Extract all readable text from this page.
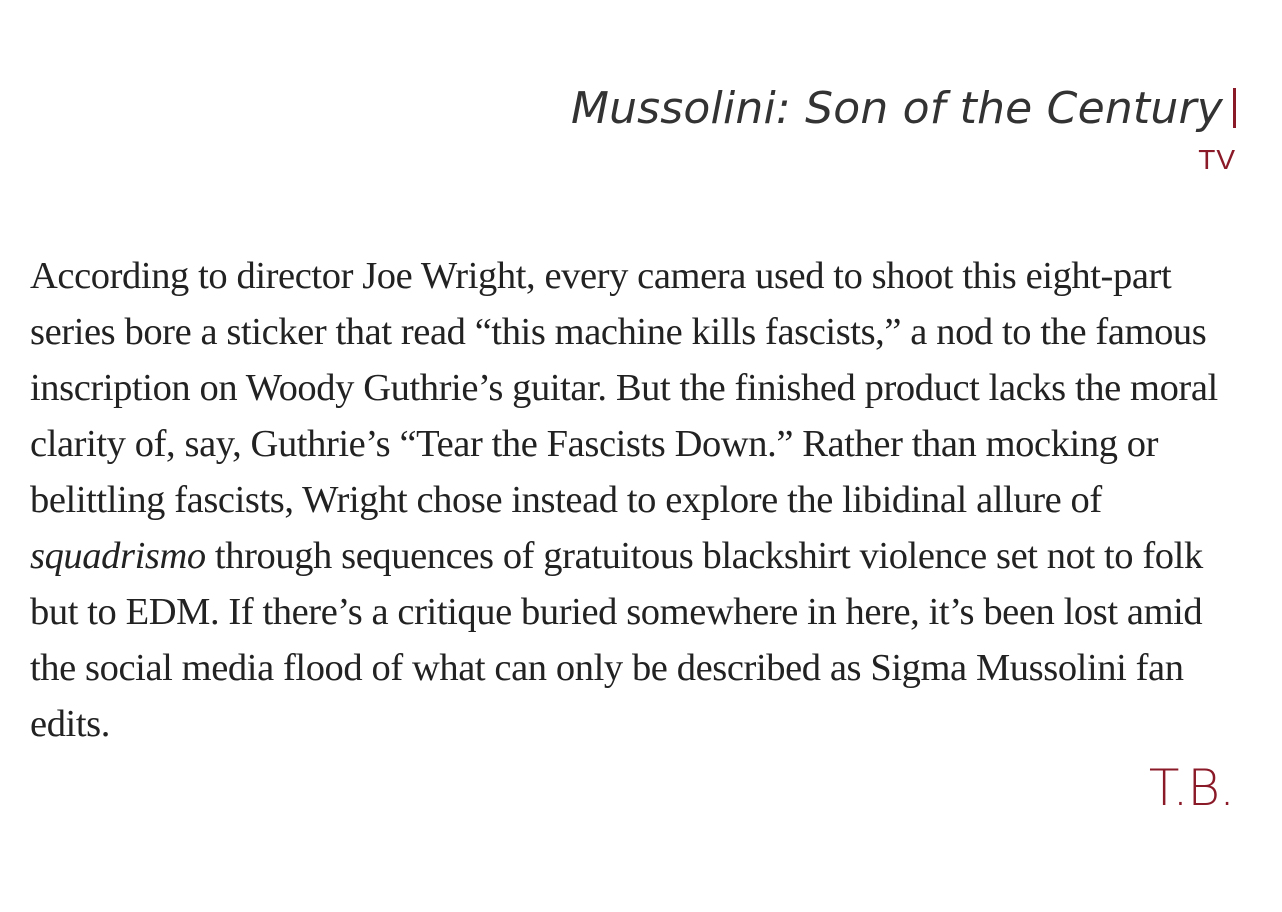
Mussolini: Son of the Century
TV

According to director Joe Wright, every camera used to shoot this eight-part series bore a sticker that read “this machine kills fascists,” a nod to the famous inscription on Woody Guthrie’s guitar. But the finished product lacks the moral clarity of, say, Guthrie’s “Tear the Fascists Down.” Rather than mocking or belittling fascists, Wright chose instead to explore the libidinal allure of squadrismo through sequences of gratuitous blackshirt violence set not to folk but to EDM. If there’s a critique buried somewhere in here, it’s been lost amid the social media flood of what can only be described as Sigma Mussolini fan edits.

T.B.
